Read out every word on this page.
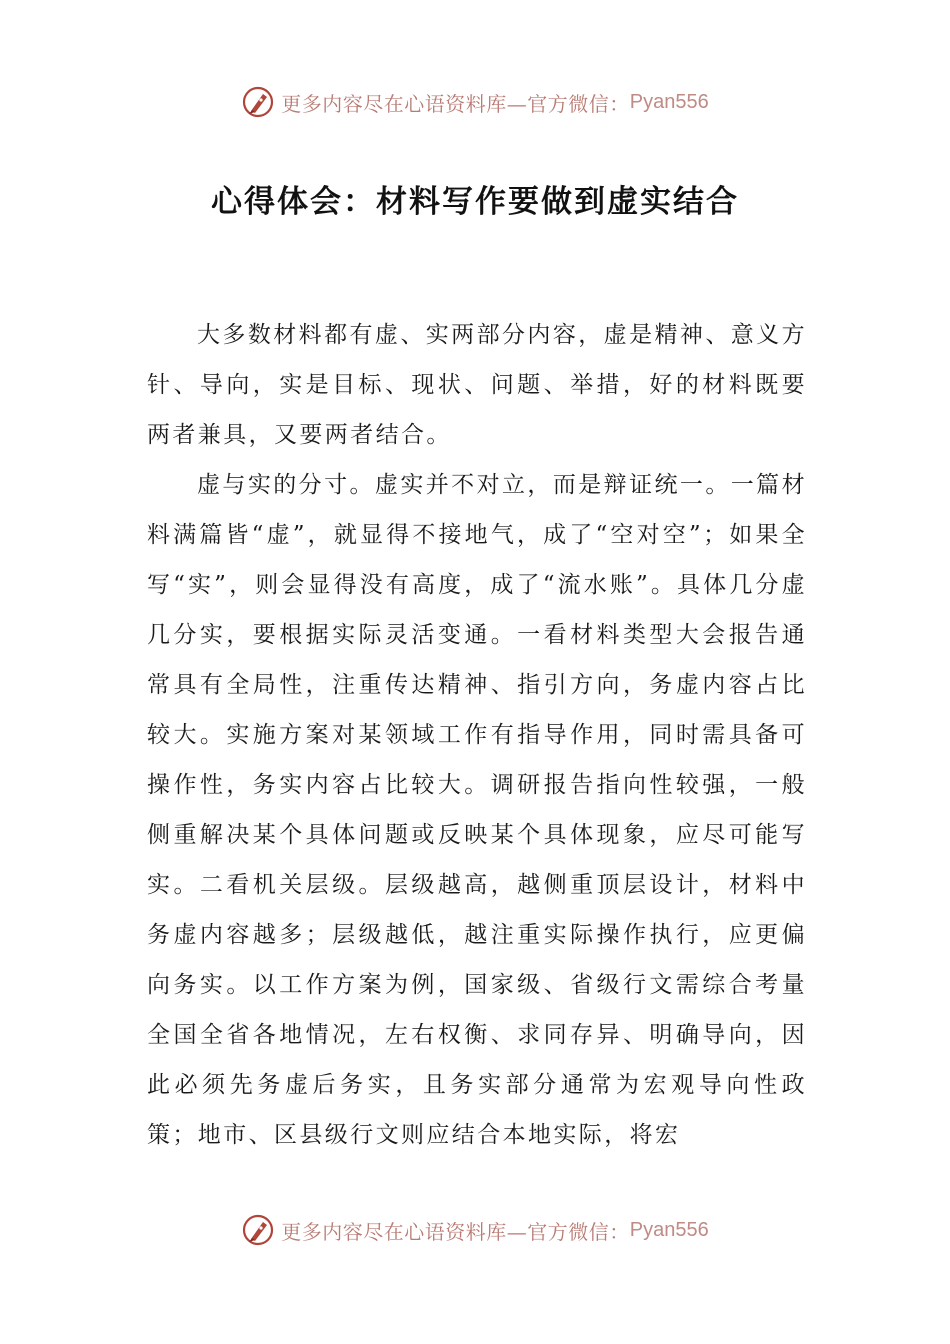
更多内容尽在心语资料库—官方微信： Pyan556
心得体会：材料写作要做到虚实结合

大多数材料都有虚、实两部分内容，虚是精神、意义方针、导向，实是目标、现状、问题、举措，好的材料既要两者兼具，又要两者结合。

虚与实的分寸。虚实并不对立，而是辩证统一。一篇材料满篇皆“虚”，就显得不接地气，成了“空对空”；如果全写“实”，则会显得没有高度，成了“流水账”。具体几分虚几分实，要根据实际灵活变通。一看材料类型大会报告通常具有全局性，注重传达精神、指引方向，务虚内容占比较大。实施方案对某领域工作有指导作用，同时需具备可操作性，务实内容占比较大。调研报告指向性较强，一般侧重解决某个具体问题或反映某个具体现象，应尽可能写实。二看机关层级。层级越高，越侧重顶层设计，材料中务虚内容越多；层级越低，越注重实际操作执行，应更偏向务实。以工作方案为例，国家级、省级行文需综合考量全国全省各地情况，左右权衡、求同存异、明确导向，因此必须先务虚后务实，且务实部分通常为宏观导向性政策；地市、区县级行文则应结合本地实际，将宏

更多内容尽在心语资料库—官方微信： Pyan556
